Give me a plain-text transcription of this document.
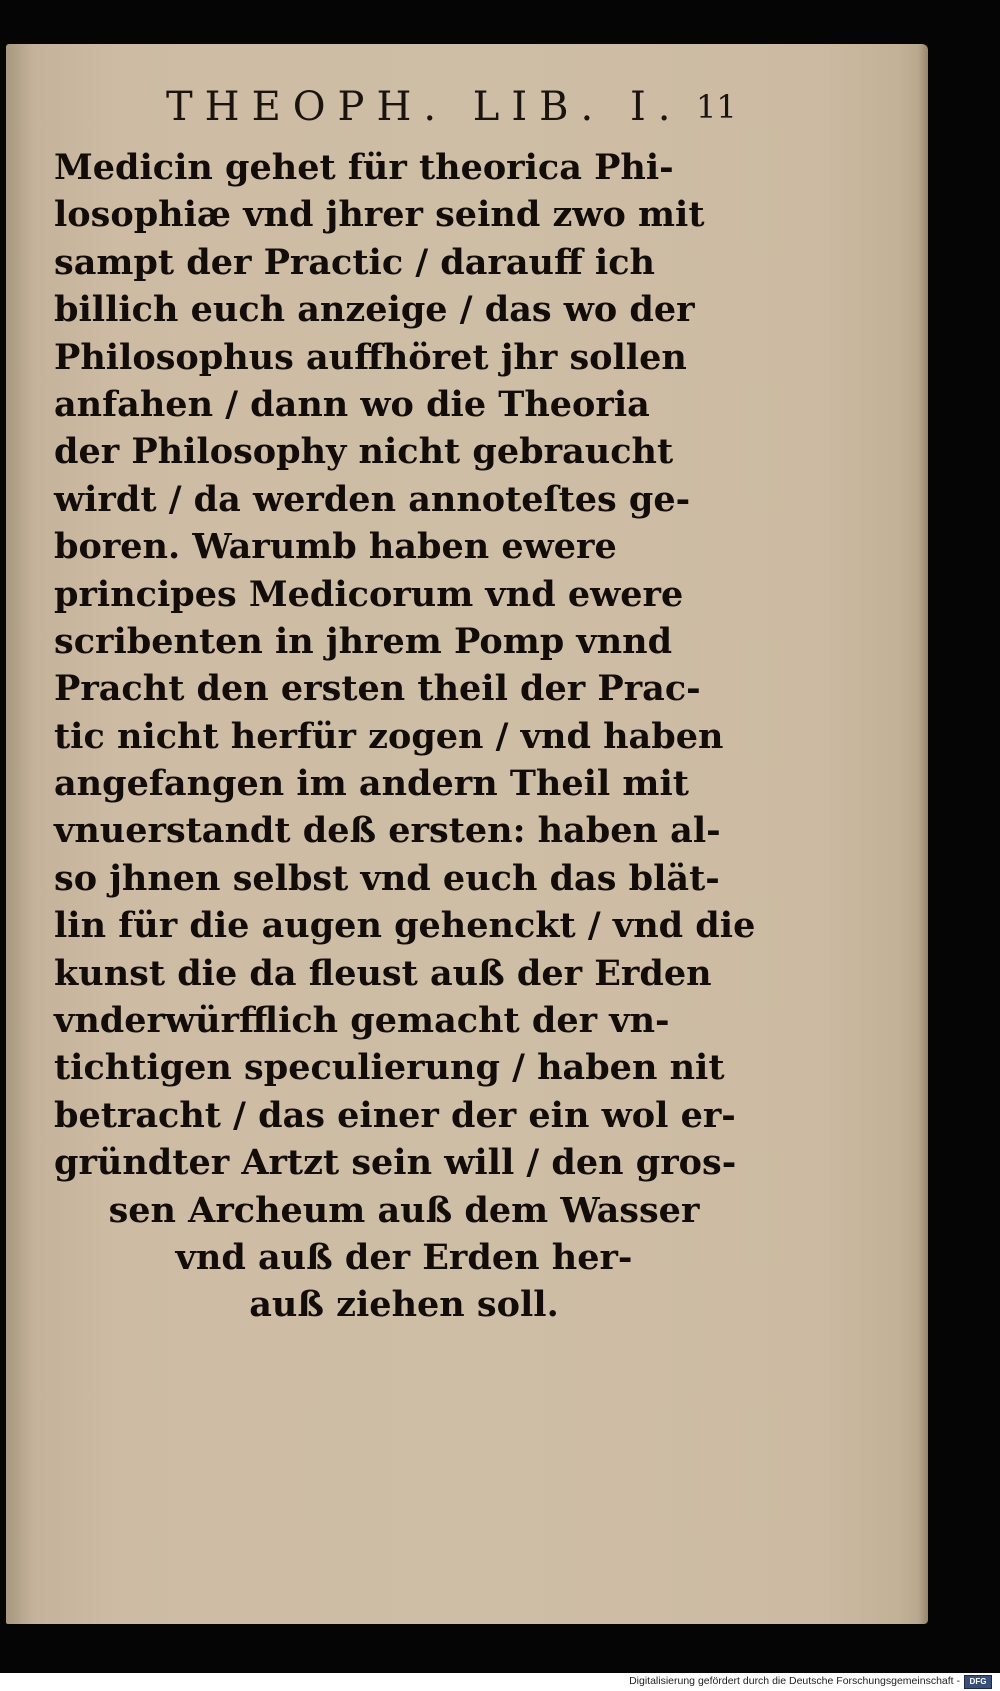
THEOPH. LIB. I. 11
Medicin gehet für theorica Phi-
losophiæ vnd jhrer seind zwo mit
sampt der Practic / darauff ich
billich euch anzeige / das wo der
Philosophus auffhöret jhr sollen
anfahen / dann wo die Theoria
der Philosophy nicht gebraucht
wirdt / da werden annoteſtes ge-
boren. Warumb haben ewere
principes Medicorum vnd ewere
scribenten in jhrem Pomp vnnd
Pracht den ersten theil der Prac-
tic nicht herfür zogen / vnd haben
angefangen im andern Theil mit
vnuerstandt deß ersten: haben al-
so jhnen selbst vnd euch das blät-
lin für die augen gehenckt / vnd die
kunst die da fleust auß der Erden
vnderwürfflich gemacht der vn-
tichtigen speculierung / haben nit
betracht / das einer der ein wol er-
gründter Artzt sein will / den gros-
sen Archeum auß dem Wasser
vnd auß der Erden her-
auß ziehen soll.
Digitalisierung gefördert durch die Deutsche Forschungsgemeinschaft -	DFG
